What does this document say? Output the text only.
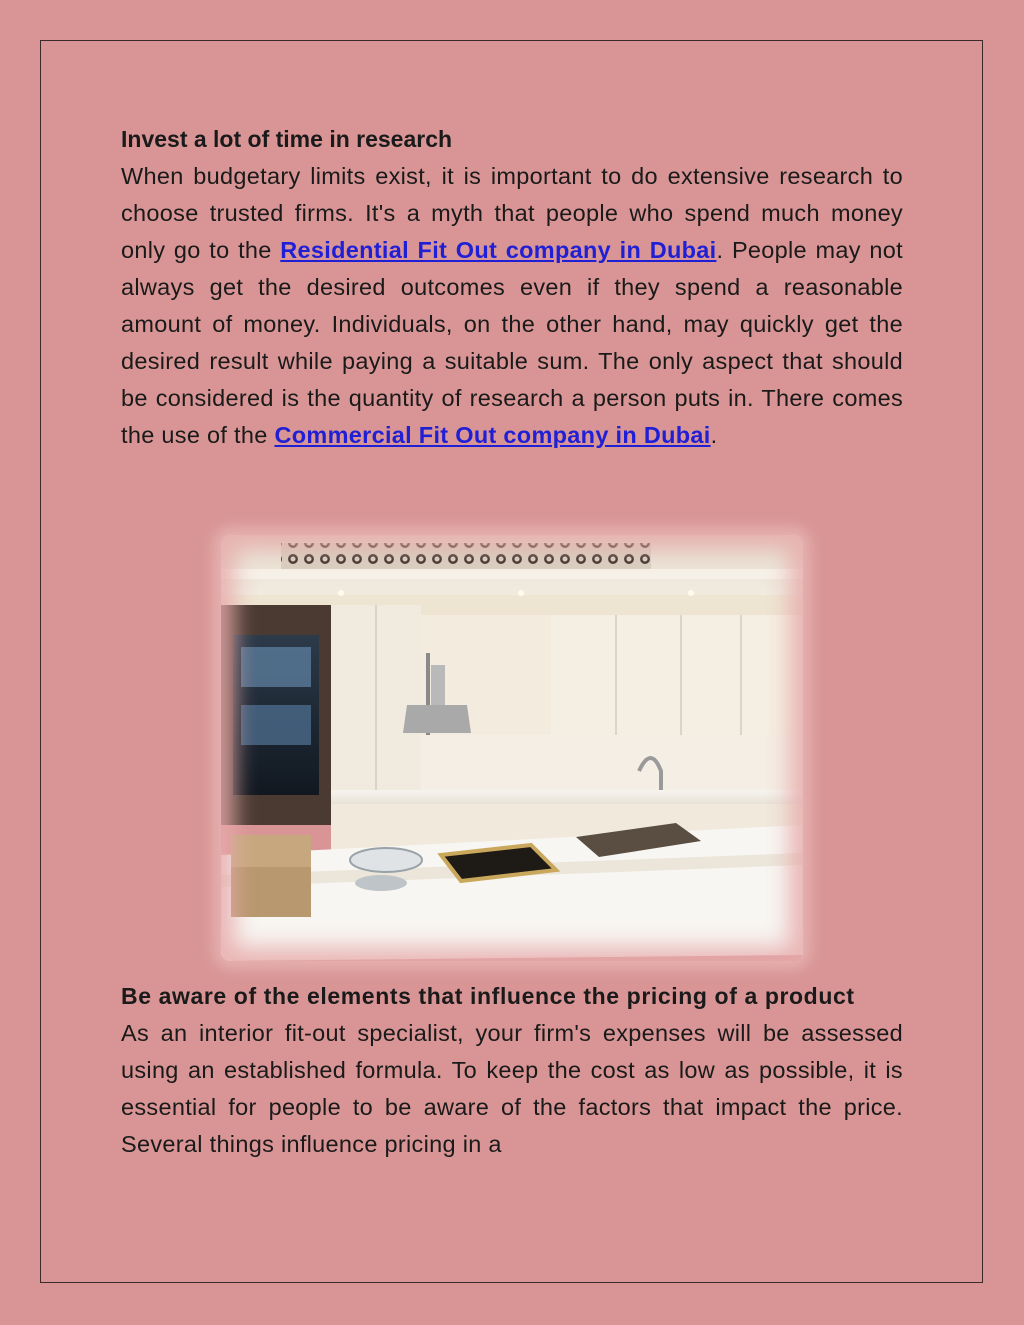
Invest a lot of time in research

When budgetary limits exist, it is important to do extensive research to choose trusted firms. It's a myth that people who spend much money only go to the Residential Fit Out company in Dubai. People may not always get the desired outcomes even if they spend a reasonable amount of money. Individuals, on the other hand, may quickly get the desired result while paying a suitable sum. The only aspect that should be considered is the quantity of research a person puts in. There comes the use of the Commercial Fit Out company in Dubai.

Be aware of the elements that influence the pricing of a product

As an interior fit-out specialist, your firm's expenses will be assessed using an established formula. To keep the cost as low as possible, it is essential for people to be aware of the factors that impact the price. Several things influence pricing in a
